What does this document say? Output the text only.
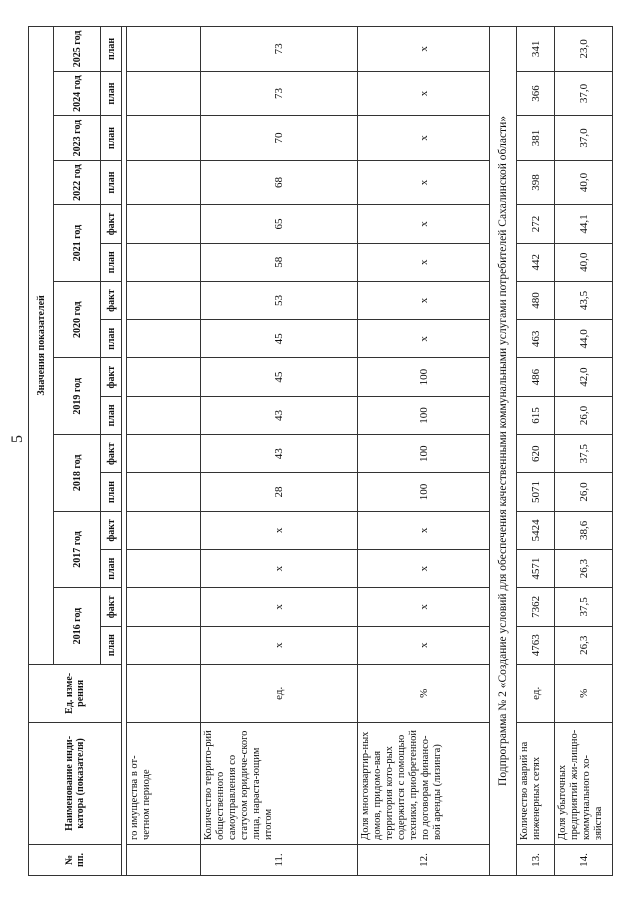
5
№ пп.	Наименование инди-катора (показателя)	Ед. изме-рения	Значения показателей															
			2016 год		2017 год		2018 год		2019 год		2020 год		2021 год		2022 год	2023 год	2024 год	2025 год
			план	факт	план	факт	план	факт	план	факт	план	факт	план	факт	план	план	план	план

	го имущества в от-четном периоде																	
11.	Количество террито-рий общественного самоуправления со статусом юридиче-ского лица, нараста-ющим итогом	ед.	х	х	х	х	28	43	43	45	45	53	58	65	68	70	73	73
12.	Доля многоквартир-ных домов, придомо-вая территория кото-рых содержится с помощью техники, приобретенной по договорам финансо-вой аренды (лизинга)	%	х	х	х	х	100	100	100	100	х	х	х	х	х	х	х	х
Подпрограмма № 2 «Создание условий для обеспечения качественными коммунальными услугами потребителей Сахалинской области»																		
13.	Количество аварий на инженерных сетях	ед.	4763	7362	4571	5424	5071	620	615	486	463	480	442	272	398	381	366	341
14.	Доля убыточных предприятий жи-лищно-коммунального хо-зяйства	%	26,3	37,5	26,3	38,6	26,0	37,5	26,0	42,0	44,0	43,5	40,0	44,1	40,0	37,0	37,0	23,0
